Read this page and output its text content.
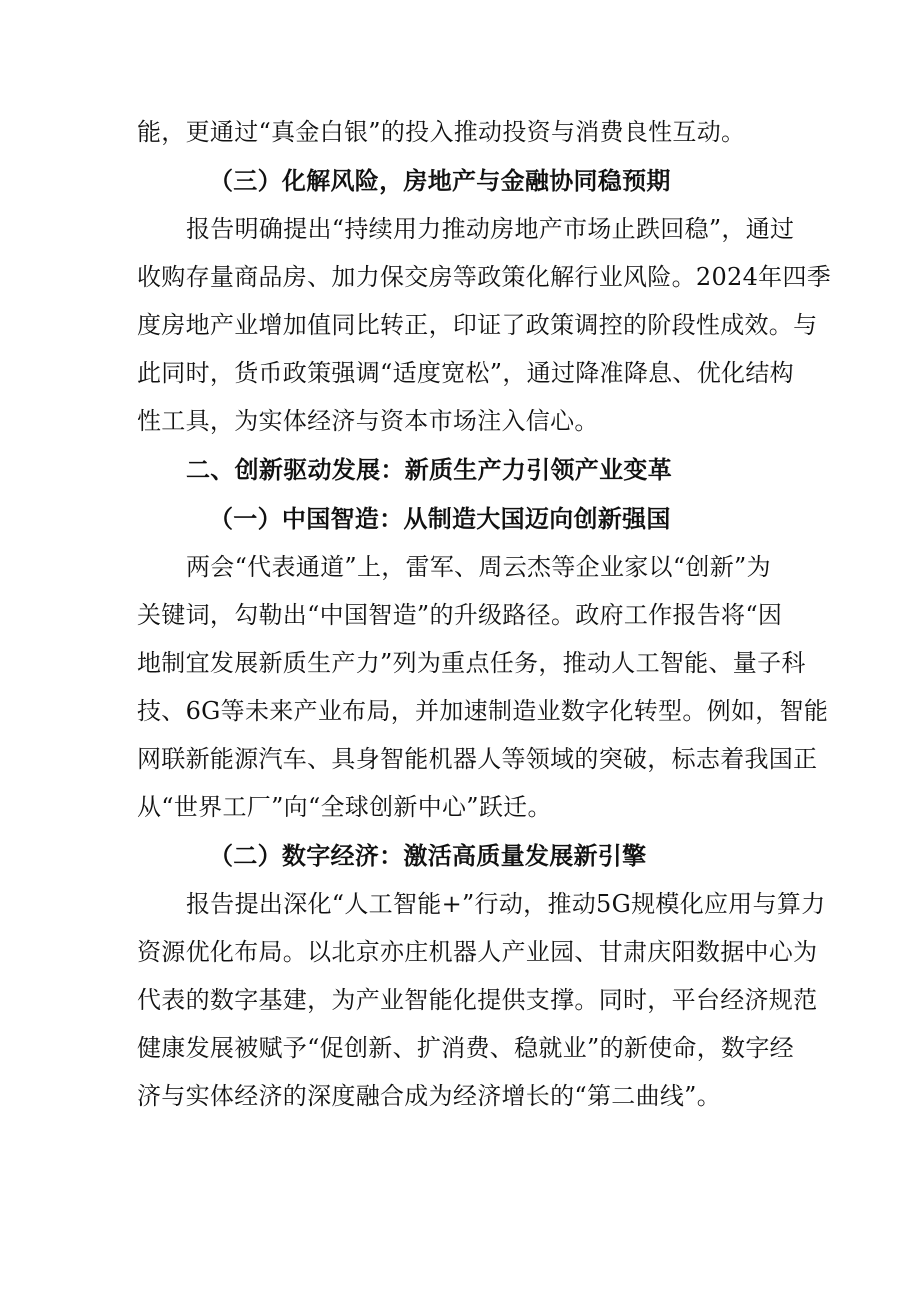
能，更通过“真金白银”的投入推动投资与消费良性互动。
（三）化解风险，房地产与金融协同稳预期
报告明确提出“持续用力推动房地产市场止跌回稳”，通过
收购存量商品房、加力保交房等政策化解行业风险。2024年四季
度房地产业增加值同比转正，印证了政策调控的阶段性成效。与
此同时，货币政策强调“适度宽松”，通过降准降息、优化结构
性工具，为实体经济与资本市场注入信心。
二、创新驱动发展：新质生产力引领产业变革
（一）中国智造：从制造大国迈向创新强国
两会“代表通道”上，雷军、周云杰等企业家以“创新”为
关键词，勾勒出“中国智造”的升级路径。政府工作报告将“因
地制宜发展新质生产力”列为重点任务，推动人工智能、量子科
技、6G等未来产业布局，并加速制造业数字化转型。例如，智能
网联新能源汽车、具身智能机器人等领域的突破，标志着我国正
从“世界工厂”向“全球创新中心”跃迁。
（二）数字经济：激活高质量发展新引擎
报告提出深化“人工智能+”行动，推动5G规模化应用与算力
资源优化布局。以北京亦庄机器人产业园、甘肃庆阳数据中心为
代表的数字基建，为产业智能化提供支撑。同时，平台经济规范
健康发展被赋予“促创新、扩消费、稳就业”的新使命，数字经
济与实体经济的深度融合成为经济增长的“第二曲线”。
